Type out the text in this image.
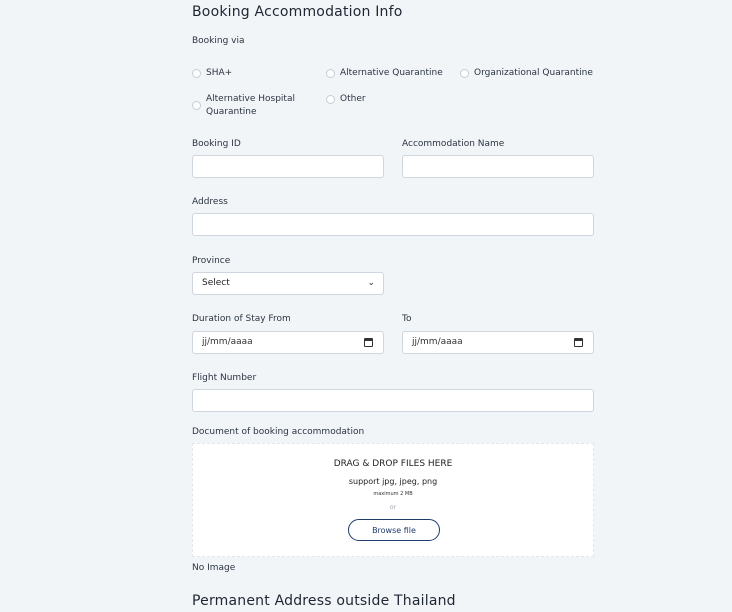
Booking Accommodation Info
Booking via
SHA+	Alternative Quarantine	Organizational Quarantine
Alternative Hospital Quarantine
Other
Booking ID	Accommodation Name
Address
Province
Select	⌄
Duration of Stay From
jj/mm/aaaa
To
jj/mm/aaaa
Flight Number
Document of booking accommodation
DRAG & DROP FILES HERE
support jpg, jpeg, png
maximum 2 MB
or
Browse file
No Image
Permanent Address outside Thailand
